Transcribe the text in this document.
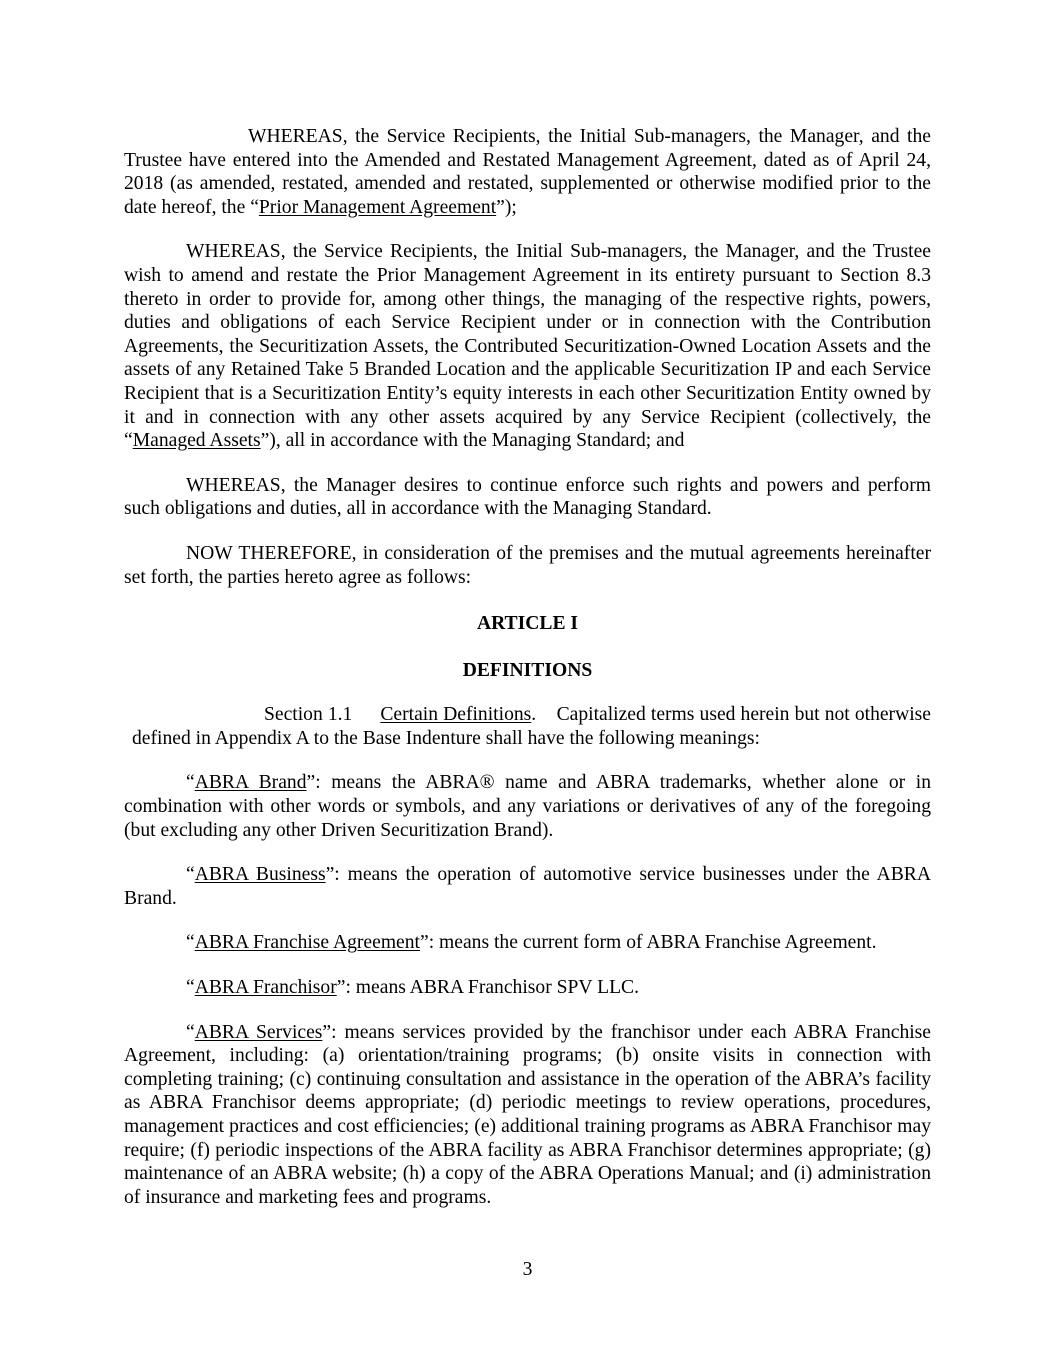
WHEREAS, the Service Recipients, the Initial Sub-managers, the Manager, and the Trustee have entered into the Amended and Restated Management Agreement, dated as of April 24, 2018 (as amended, restated, amended and restated, supplemented or otherwise modified prior to the date hereof, the “Prior Management Agreement”);

WHEREAS, the Service Recipients, the Initial Sub-managers, the Manager, and the Trustee wish to amend and restate the Prior Management Agreement in its entirety pursuant to Section 8.3 thereto in order to provide for, among other things, the managing of the respective rights, powers, duties and obligations of each Service Recipient under or in connection with the Contribution Agreements, the Securitization Assets, the Contributed Securitization-Owned Location Assets and the assets of any Retained Take 5 Branded Location and the applicable Securitization IP and each Service Recipient that is a Securitization Entity’s equity interests in each other Securitization Entity owned by it and in connection with any other assets acquired by any Service Recipient (collectively, the “Managed Assets”), all in accordance with the Managing Standard; and

WHEREAS, the Manager desires to continue enforce such rights and powers and perform such obligations and duties, all in accordance with the Managing Standard.

NOW THEREFORE, in consideration of the premises and the mutual agreements hereinafter set forth, the parties hereto agree as follows:

ARTICLE I

DEFINITIONS

Section 1.1 Certain Definitions. Capitalized terms used herein but not otherwise defined in Appendix A to the Base Indenture shall have the following meanings:

“ABRA Brand”: means the ABRA® name and ABRA trademarks, whether alone or in combination with other words or symbols, and any variations or derivatives of any of the foregoing (but excluding any other Driven Securitization Brand).

“ABRA Business”: means the operation of automotive service businesses under the ABRA Brand.

“ABRA Franchise Agreement”: means the current form of ABRA Franchise Agreement.

“ABRA Franchisor”: means ABRA Franchisor SPV LLC.

“ABRA Services”: means services provided by the franchisor under each ABRA Franchise Agreement, including: (a) orientation/training programs; (b) onsite visits in connection with completing training; (c) continuing consultation and assistance in the operation of the ABRA’s facility as ABRA Franchisor deems appropriate; (d) periodic meetings to review operations, procedures, management practices and cost efficiencies; (e) additional training programs as ABRA Franchisor may require; (f) periodic inspections of the ABRA facility as ABRA Franchisor determines appropriate; (g) maintenance of an ABRA website; (h) a copy of the ABRA Operations Manual; and (i) administration of insurance and marketing fees and programs.

3
